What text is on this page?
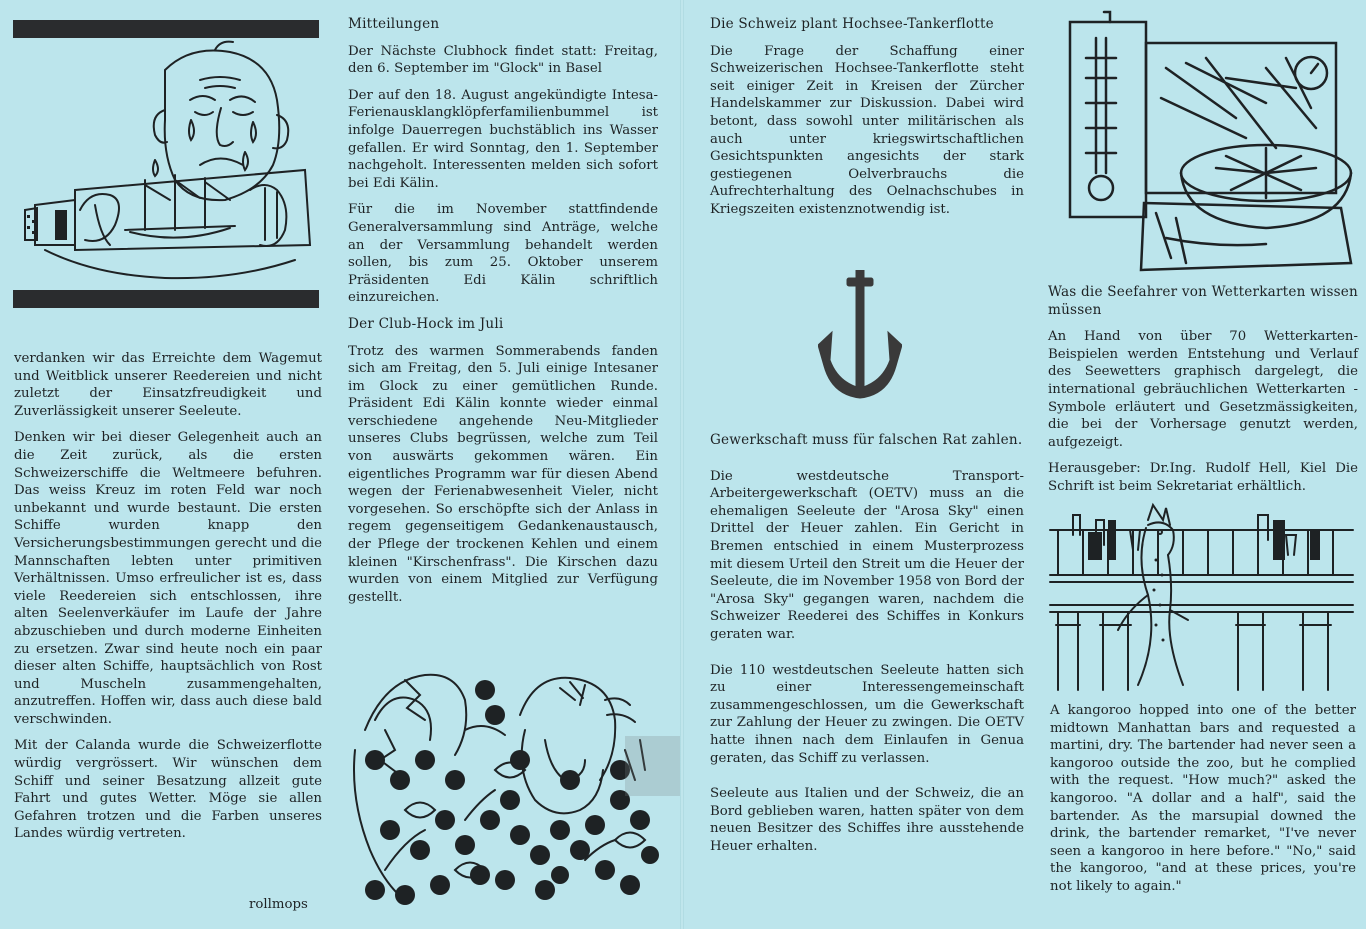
verdanken wir das Erreichte dem Wagemut und Weitblick unserer Reedereien und nicht zuletzt der Einsatzfreudigkeit und Zuverlässigkeit unserer Seeleute.

Denken wir bei dieser Gelegenheit auch an die Zeit zurück, als die ersten Schweizerschiffe die Weltmeere befuhren. Das weiss Kreuz im roten Feld war noch unbekannt und wurde bestaunt. Die ersten Schiffe wurden knapp den Versicherungsbestimmungen gerecht und die Mannschaften lebten unter primitiven Verhältnissen. Umso erfreulicher ist es, dass viele Reedereien sich entschlossen, ihre alten Seelenverkäufer im Laufe der Jahre abzuschieben und durch moderne Einheiten zu ersetzen. Zwar sind heute noch ein paar dieser alten Schiffe, hauptsächlich von Rost und Muscheln zusammengehalten, anzutreffen. Hoffen wir, dass auch diese bald verschwinden.

Mit der Calanda wurde die Schweizerflotte würdig vergrössert. Wir wünschen dem Schiff und seiner Besatzung allzeit gute Fahrt und gutes Wetter. Möge sie allen Gefahren trotzen und die Farben unseres Landes würdig vertreten.

rollmops
Mitteilungen

Der Nächste Clubhock findet statt: Freitag, den 6. September im "Glock" in Basel

Der auf den 18. August angekündigte Intesa-Ferienausklangklöpferfamilienbummel ist infolge Dauerregen buchstäblich ins Wasser gefallen. Er wird Sonntag, den 1. September nachgeholt. Interessenten melden sich sofort bei Edi Kälin.

Für die im November stattfindende Generalversammlung sind Anträge, welche an der Versammlung behandelt werden sollen, bis zum 25. Oktober unserem Präsidenten Edi Kälin schriftlich einzureichen.

Der Club-Hock im Juli

Trotz des warmen Sommerabends fanden sich am Freitag, den 5. Juli einige Intesaner im Glock zu einer gemütlichen Runde. Präsident Edi Kälin konnte wieder einmal verschiedene angehende Neu-Mitglieder unseres Clubs begrüssen, welche zum Teil von auswärts gekommen wären. Ein eigentliches Programm war für diesen Abend wegen der Ferienabwesenheit Vieler, nicht vorgesehen. So erschöpfte sich der Anlass in regem gegenseitigem Gedankenaustausch, der Pflege der trockenen Kehlen und einem kleinen "Kirschenfrass". Die Kirschen dazu wurden von einem Mitglied zur Verfügung gestellt.

Die Schweiz plant Hochsee-Tankerflotte

Die Frage der Schaffung einer Schweizerischen Hochsee-Tankerflotte steht seit einiger Zeit in Kreisen der Zürcher Handelskammer zur Diskussion. Dabei wird betont, dass sowohl unter militärischen als auch unter kriegswirtschaftlichen Gesichtspunkten angesichts der stark gestiegenen Oelverbrauchs die Aufrechterhaltung des Oelnachschubes in Kriegszeiten existenznotwendig ist.

Gewerkschaft muss für falschen Rat zahlen.

Die westdeutsche Transport-Arbeitergewerkschaft (OETV) muss an die ehemaligen Seeleute der "Arosa Sky" einen Drittel der Heuer zahlen. Ein Gericht in Bremen entschied in einem Musterprozess mit diesem Urteil den Streit um die Heuer der Seeleute, die im November 1958 von Bord der "Arosa Sky" gegangen waren, nachdem die Schweizer Reederei des Schiffes in Konkurs geraten war.

Die 110 westdeutschen Seeleute hatten sich zu einer Interessengemeinschaft zusammengeschlossen, um die Gewerkschaft zur Zahlung der Heuer zu zwingen. Die OETV hatte ihnen nach dem Einlaufen in Genua geraten, das Schiff zu verlassen.

Seeleute aus Italien und der Schweiz, die an Bord geblieben waren, hatten später von dem neuen Besitzer des Schiffes ihre ausstehende Heuer erhalten.

Was die Seefahrer von Wetterkarten wissen müssen

An Hand von über 70 Wetterkarten-Beispielen werden Entstehung und Verlauf des Seewetters graphisch dargelegt, die international gebräuchlichen Wetterkarten - Symbole erläutert und Gesetzmässigkeiten, die bei der Vorhersage genutzt werden, aufgezeigt.

Herausgeber: Dr.Ing. Rudolf Hell, Kiel Die Schrift ist beim Sekretariat erhältlich.

A kangoroo hopped into one of the better midtown Manhattan bars and requested a martini, dry. The bartender had never seen a kangoroo outside the zoo, but he complied with the request. "How much?" asked the kangoroo. "A dollar and a half", said the bartender. As the marsupial downed the drink, the bartender remarket, "I've never seen a kangoroo in here before." "No," said the kangoroo, "and at these prices, you're not likely to again."
